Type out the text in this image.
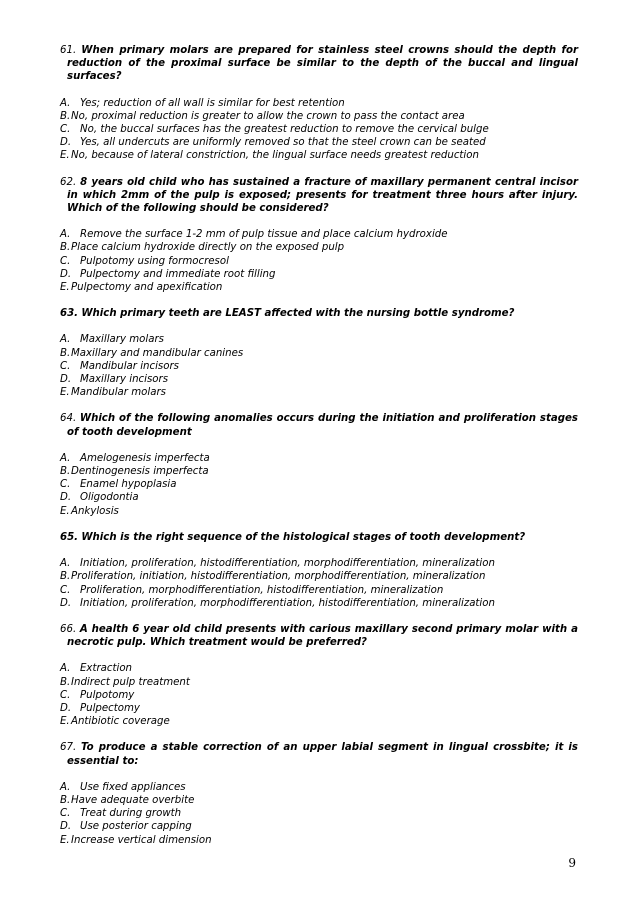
61. When primary molars are prepared for stainless steel crowns should the depth for reduction of the proximal surface be similar to the depth of the buccal and lingual surfaces?
A. Yes; reduction of all wall is similar for best retention
B. No, proximal reduction is greater to allow the crown to pass the contact area
C. No, the buccal surfaces has the greatest reduction to remove the cervical bulge
D. Yes, all undercuts are uniformly removed so that the steel crown can be seated
E. No, because of lateral constriction, the lingual surface needs greatest reduction
62. 8 years old child who has sustained a fracture of maxillary permanent central incisor in which 2mm of the pulp is exposed; presents for treatment three hours after injury. Which of the following should be considered?
A. Remove the surface 1-2 mm of pulp tissue and place calcium hydroxide
B. Place calcium hydroxide directly on the exposed pulp
C. Pulpotomy using formocresol
D. Pulpectomy and immediate root filling
E. Pulpectomy and apexification
63. Which primary teeth are LEAST affected with the nursing bottle syndrome?
A. Maxillary molars
B. Maxillary and mandibular canines
C. Mandibular incisors
D. Maxillary incisors
E. Mandibular molars
64. Which of the following anomalies occurs during the initiation and proliferation stages of tooth development
A. Amelogenesis imperfecta
B. Dentinogenesis imperfecta
C. Enamel hypoplasia
D. Oligodontia
E. Ankylosis
65. Which is the right sequence of the histological stages of tooth development?
A. Initiation, proliferation, histodifferentiation, morphodifferentiation, mineralization
B. Proliferation, initiation, histodifferentiation, morphodifferentiation, mineralization
C. Proliferation, morphodifferentiation, histodifferentiation, mineralization
D. Initiation, proliferation, morphodifferentiation, histodifferentiation, mineralization
66. A health 6 year old child presents with carious maxillary second primary molar with a necrotic pulp. Which treatment would be preferred?
A. Extraction
B. Indirect pulp treatment
C. Pulpotomy
D. Pulpectomy
E. Antibiotic coverage
67. To produce a stable correction of an upper labial segment in lingual crossbite; it is essential to:
A. Use fixed appliances
B. Have adequate overbite
C. Treat during growth
D. Use posterior capping
E. Increase vertical dimension
9
